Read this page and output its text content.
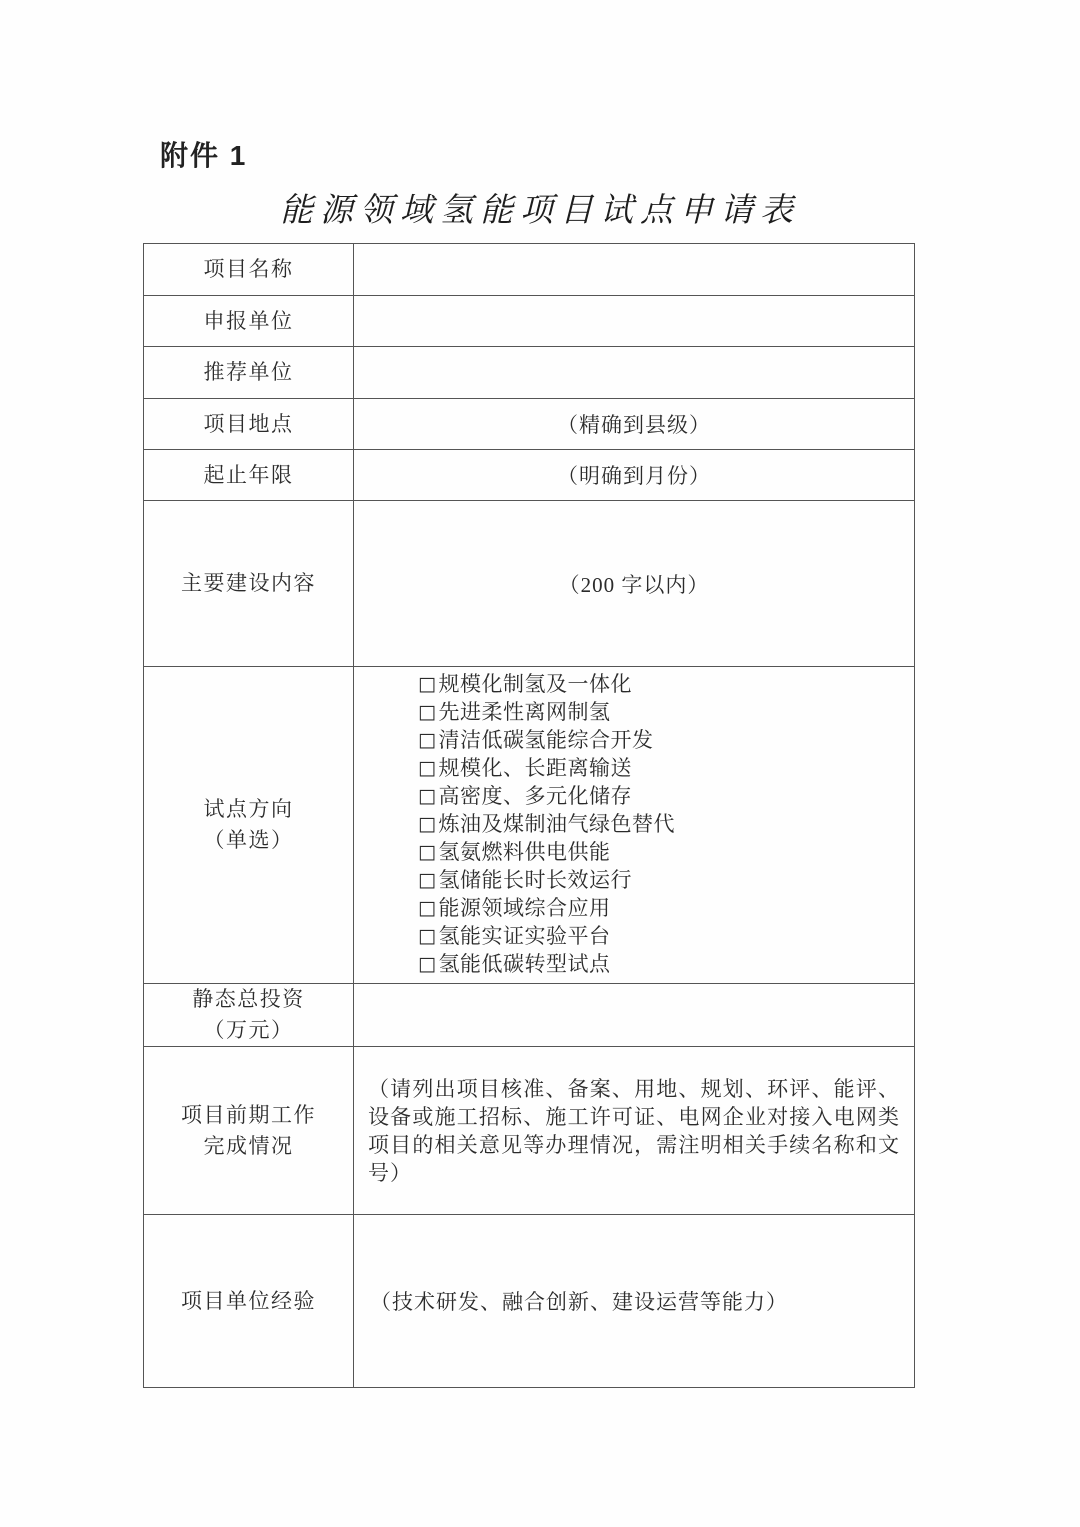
附件 1
能源领域氢能项目试点申请表
项目名称	
申报单位	
推荐单位	
项目地点	（精确到县级）
起止年限	（明确到月份）
主要建设内容	（200 字以内）

试点方向
（单选）

□规模化制氢及一体化
□先进柔性离网制氢
□清洁低碳氢能综合开发
□规模化、长距离输送
□高密度、多元化储存
□炼油及煤制油气绿色替代
□氢氨燃料供电供能
□氢储能长时长效运行
□能源领域综合应用
□氢能实证实验平台
□氢能低碳转型试点

静态总投资
（万元）	

项目前期工作
完成情况	（请列出项目核准、备案、用地、规划、环评、能评、设备或施工招标、施工许可证、电网企业对接入电网类项目的相关意见等办理情况，需注明相关手续名称和文号）
项目单位经验	（技术研发、融合创新、建设运营等能力）
